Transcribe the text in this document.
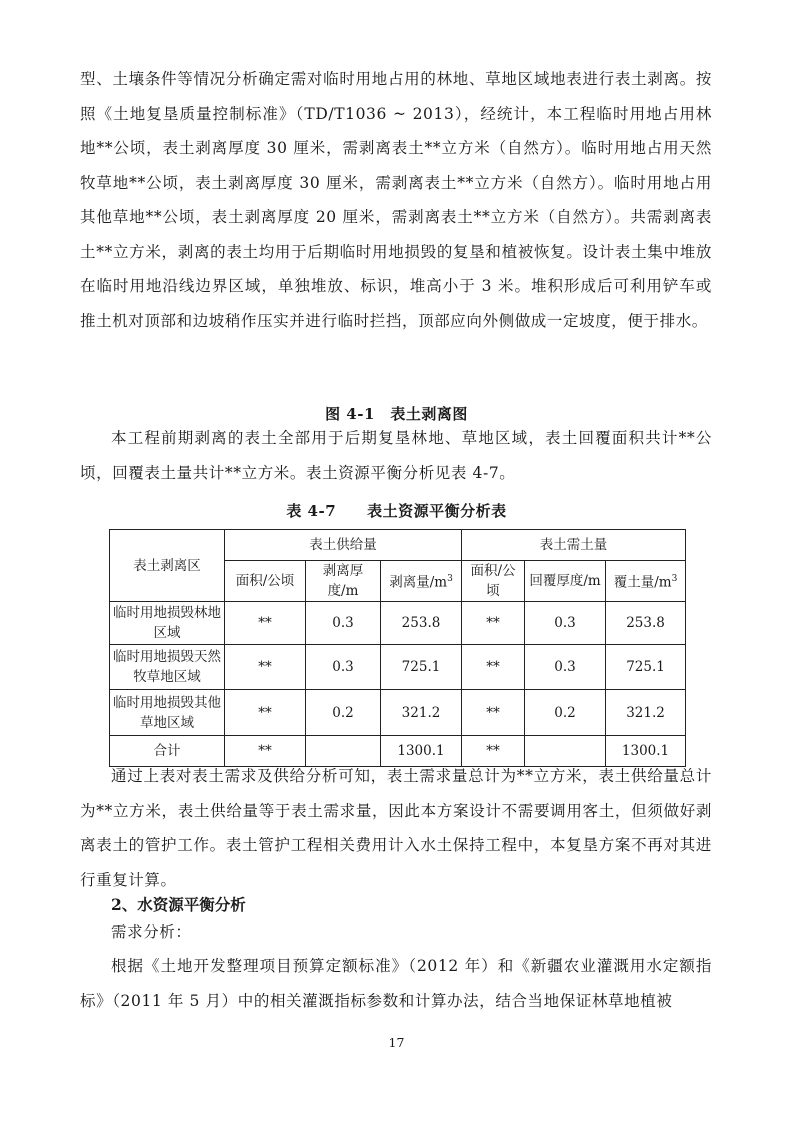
型、土壤条件等情况分析确定需对临时用地占用的林地、草地区域地表进行表土剥离。按照《土地复垦质量控制标准》（TD/T1036 ~ 2013），经统计，本工程临时用地占用林地**公顷，表土剥离厚度 30 厘米，需剥离表土**立方米（自然方）。临时用地占用天然牧草地**公顷，表土剥离厚度 30 厘米，需剥离表土**立方米（自然方）。临时用地占用其他草地**公顷，表土剥离厚度 20 厘米，需剥离表土**立方米（自然方）。共需剥离表土**立方米，剥离的表土均用于后期临时用地损毁的复垦和植被恢复。设计表土集中堆放在临时用地沿线边界区域，单独堆放、标识，堆高小于 3 米。堆积形成后可利用铲车或推土机对顶部和边坡稍作压实并进行临时拦挡，顶部应向外侧做成一定坡度，便于排水。

图 4-1　表土剥离图

本工程前期剥离的表土全部用于后期复垦林地、草地区域，表土回覆面积共计**公顷，回覆表土量共计**立方米。表土资源平衡分析见表 4-7。

表 4-7　　表土资源平衡分析表

表土剥离区	表土供给量			表土需土量		
	面积/公顷	剥离厚度/m	剥离量$/m^3$	面积/公顷	回覆厚度/m	覆土量$/m^3$
临时用地损毁林地区域	**	0.3	253.8	**	0.3	253.8
临时用地损毁天然牧草地区域	**	0.3	725.1	**	0.3	725.1
临时用地损毁其他草地区域	**	0.2	321.2	**	0.2	321.2
合计	**		1300.1	**		1300.1

通过上表对表土需求及供给分析可知，表土需求量总计为**立方米，表土供给量总计为**立方米，表土供给量等于表土需求量，因此本方案设计不需要调用客土，但须做好剥离表土的管护工作。表土管护工程相关费用计入水土保持工程中，本复垦方案不再对其进行重复计算。

2、水资源平衡分析

需求分析：

根据《土地开发整理项目预算定额标准》（2012 年）和《新疆农业灌溉用水定额指标》（2011 年 5 月）中的相关灌溉指标参数和计算办法，结合当地保证林草地植被

17
